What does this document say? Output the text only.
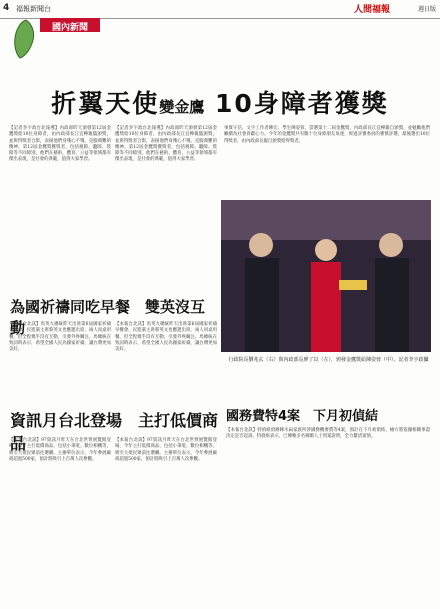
4 福報新聞台	人間福報	週日版
國內新聞
折翼天使變金鷹 10身障者獲獎
【記者李宇政台北報導】內政部昨天頒發第12屆金鷹獎給10位身障者，由內政部長江宜樺親臨頒獎，並與得獎者合影，表揚他們身殘心不殘、克服萬難的精神。第12屆金鷹獎獲獎者，包括視障、聽障、肢障等不同障別，他們在藝術、體育、公益等領域都有傑出表現，是社會的典範，值得大家學習。
【記者李宇政台北報導】內政部昨天頒發第12屆金鷹獎給10位身障者，由內政部長江宜樺親臨頒獎，並與得獎者合影，表揚他們身殘心不殘、克服萬難的精神。第12屆金鷹獎獲獎者，包括視障、聽障、肢障等不同障別，他們在藝術、體育、公益等領域都有傑出表現，是社會的典範，值得大家學習。
事實守信、文字工作者陳宏、學生陳姿蓉，當選第十二屆金鷹獎，內政部長江宜樺親自頒獎，並勉勵他們繼續為社會貢獻心力。今年的金鷹獎共有數十位身障朋友角逐，經過評審委員的審慎評選，最後選出10位得獎者，由內政部長親自頒獎給得獎者。
行政院長劉兆玄（右）與內政部長廖了以（左），頒發金鷹獎給陳姿蓉（中）。記者李宇政攝
為國祈禱同吃早餐　雙英沒互動
【本報台北訊】馬英九總統昨天出席第6屆國家祈禱早餐會，民進黨主席蔡英文也應邀出席，兩人同桌用餐，但全程幾乎沒有互動，引發外界關注。馬總統在致詞時表示，希望全國人民為國家祈禱，讓台灣更加美好。
【本報台北訊】馬英九總統昨天出席第6屆國家祈禱早餐會，民進黨主席蔡英文也應邀出席，兩人同桌用餐，但全程幾乎沒有互動，引發外界關注。馬總統在致詞時表示，希望全國人民為國家祈禱，讓台灣更加美好。
資訊月台北登場　主打低價商品
【本報台北訊】97資訊月昨天在台北世貿展覽館登場，今年主打低價商品，包括小筆電、數位相機等，吸引大批民眾前往選購。主辦單位表示，今年參展廠商超過500家，預計將吸引上百萬人次參觀。
【本報台北訊】97資訊月昨天在台北世貿展覽館登場，今年主打低價商品，包括小筆電、數位相機等，吸引大批民眾前往選購。主辦單位表示，今年參展廠商超過500家，預計將吸引上百萬人次參觀。
國務費特4案　下月初偵結
【本報台北訊】特偵組偵辦陳水扁家族所涉國務機要費等4案，預計在下月初偵結，檢方將依據相關事證決定是否起訴。特偵組表示，已傳喚多名相關人士到案說明，全力釐清案情。
